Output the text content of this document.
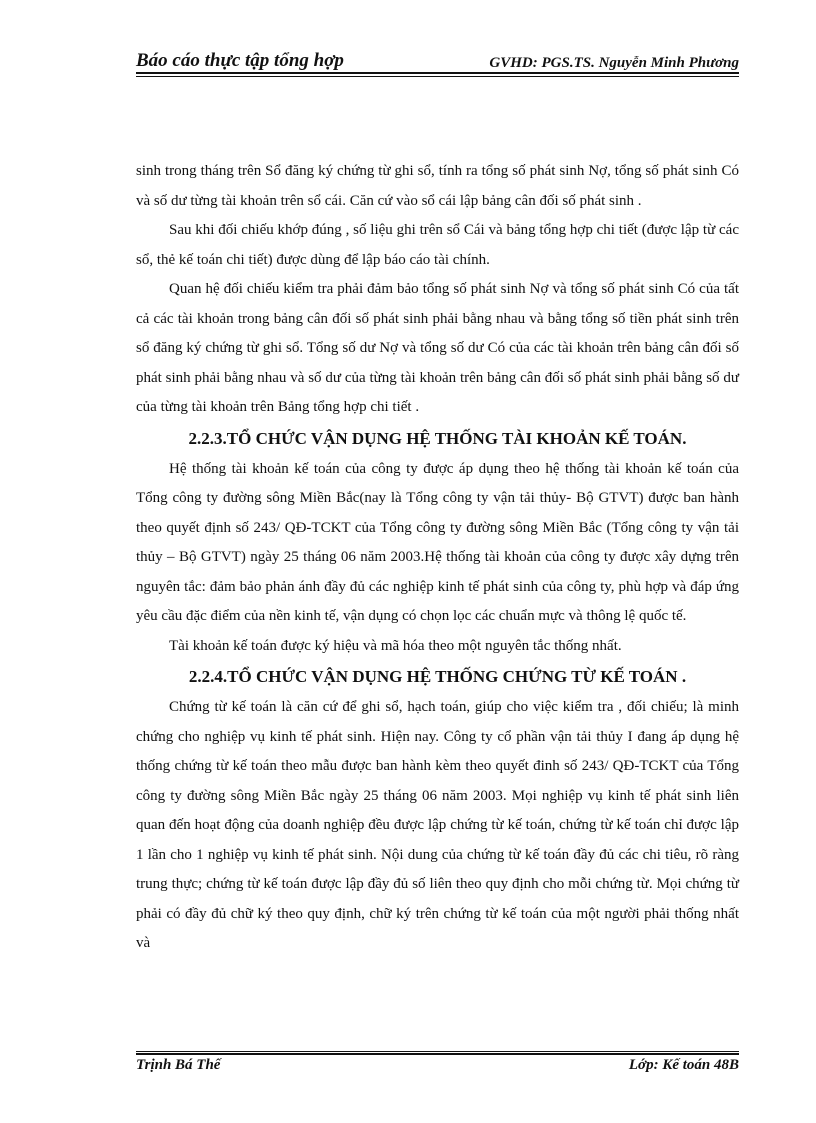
Báo cáo thực tập tổng hợp	GVHD: PGS.TS. Nguyễn Minh Phương

sinh trong tháng trên Sổ đăng ký chứng từ ghi sổ, tính ra tổng số phát sinh Nợ, tổng số phát sinh Có và số dư từng tài khoản trên sổ cái. Căn cứ vào sổ cái lập bảng cân đối số phát sinh .

Sau khi đối chiếu khớp đúng , số liệu ghi trên sổ Cái và bảng tổng hợp chi tiết (được lập từ các sổ, thẻ kế toán chi tiết) được dùng để lập báo cáo tài chính.

Quan hệ đối chiếu kiểm tra phải đảm bảo tổng số phát sinh Nợ và tổng số phát sinh Có của tất cả các tài khoản trong bảng cân đối số phát sinh phải bằng nhau và bằng tổng số tiền phát sinh trên sổ đăng ký chứng từ ghi sổ. Tổng số dư Nợ và tổng số dư Có của các tài khoản trên bảng cân đối số phát sinh phải bằng nhau và số dư của từng tài khoản trên bảng cân đối số phát sinh phải bằng số dư của từng tài khoản trên Bảng tổng hợp chi tiết .

2.2.3.TỔ CHỨC VẬN DỤNG HỆ THỐNG TÀI KHOẢN KẾ TOÁN.

Hệ thống tài khoản kế toán của công ty được áp dụng theo hệ thống tài khoản kế toán của Tổng công ty đường sông Miền Bắc(nay là Tổng công ty vận tải thủy- Bộ GTVT) được ban hành theo quyết định số 243/ QĐ-TCKT của Tổng công ty đường sông Miền Bắc (Tổng công ty vận tải thủy – Bộ GTVT) ngày 25 tháng 06 năm 2003.Hệ thống tài khoản của công ty được xây dựng trên nguyên tắc: đảm bảo phản ánh đầy đủ các nghiệp kinh tế phát sinh của công ty, phù hợp và đáp ứng yêu cầu đặc điểm của nền kinh tế, vận dụng có chọn lọc các chuẩn mực và thông lệ quốc tế.

Tài khoản kế toán được ký hiệu và mã hóa theo một nguyên tắc thống nhất.

2.2.4.TỔ CHỨC VẬN DỤNG HỆ THỐNG CHỨNG TỪ KẾ TOÁN .

Chứng từ kế toán là căn cứ để ghi sổ, hạch toán, giúp cho việc kiểm tra , đối chiếu; là minh chứng cho nghiệp vụ kinh tế phát sinh. Hiện nay. Công ty cổ phần vận tải thủy I đang áp dụng hệ thống chứng từ kế toán theo mẫu được ban hành kèm theo quyết đinh số 243/ QĐ-TCKT của Tổng công ty đường sông Miền Bắc ngày 25 tháng 06 năm 2003. Mọi nghiệp vụ kinh tế phát sinh liên quan đến hoạt động của doanh nghiệp đều được lập chứng từ kế toán, chứng từ kế toán chỉ được lập 1 lần cho 1 nghiệp vụ kinh tế phát sinh. Nội dung của chứng từ kế toán đầy đủ các chi tiêu, rõ ràng trung thực; chứng từ kế toán được lập đầy đủ số liên theo quy định cho mỗi chứng từ. Mọi chứng từ phải có đầy đủ chữ ký theo quy định, chữ ký trên chứng từ kế toán của một người phải thống nhất và

Trịnh Bá Thế	Lớp: Kế toán 48B
